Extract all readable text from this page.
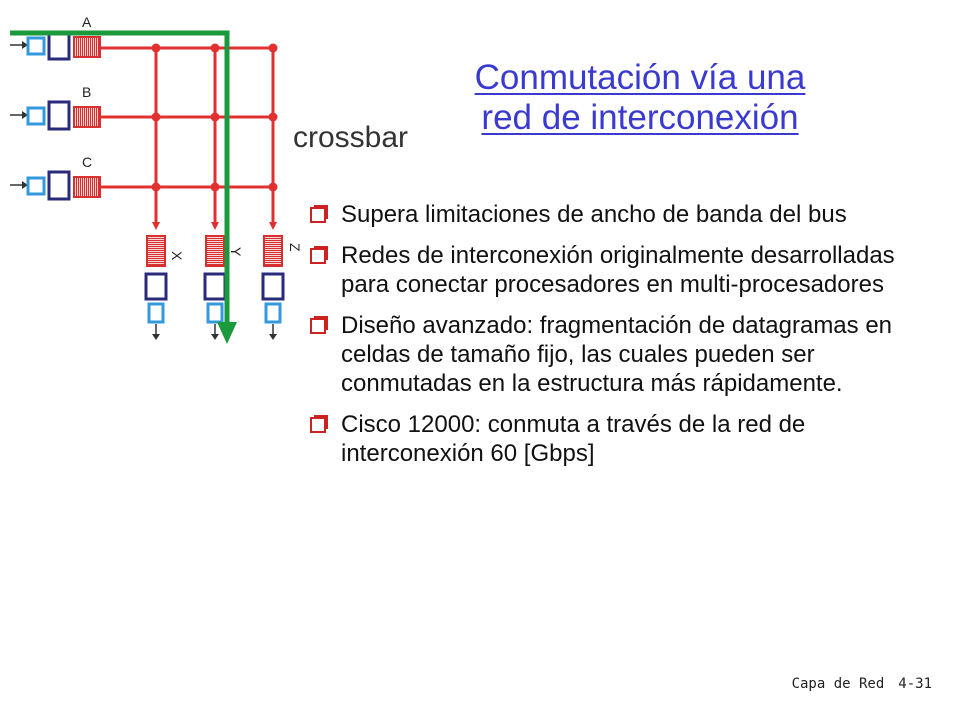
A
B
C
X	Y	Z
crossbar
Conmutación vía una
red de interconexión
Supera limitaciones de ancho de banda del bus
Redes de interconexión originalmente desarrolladas para conectar procesadores en multi-procesadores
Diseño avanzado: fragmentación de datagramas en celdas de tamaño fijo, las cuales pueden ser conmutadas en la estructura más rápidamente.
Cisco 12000: conmuta a través de la red de interconexión 60 [Gbps]
Capa de Red 4-31
